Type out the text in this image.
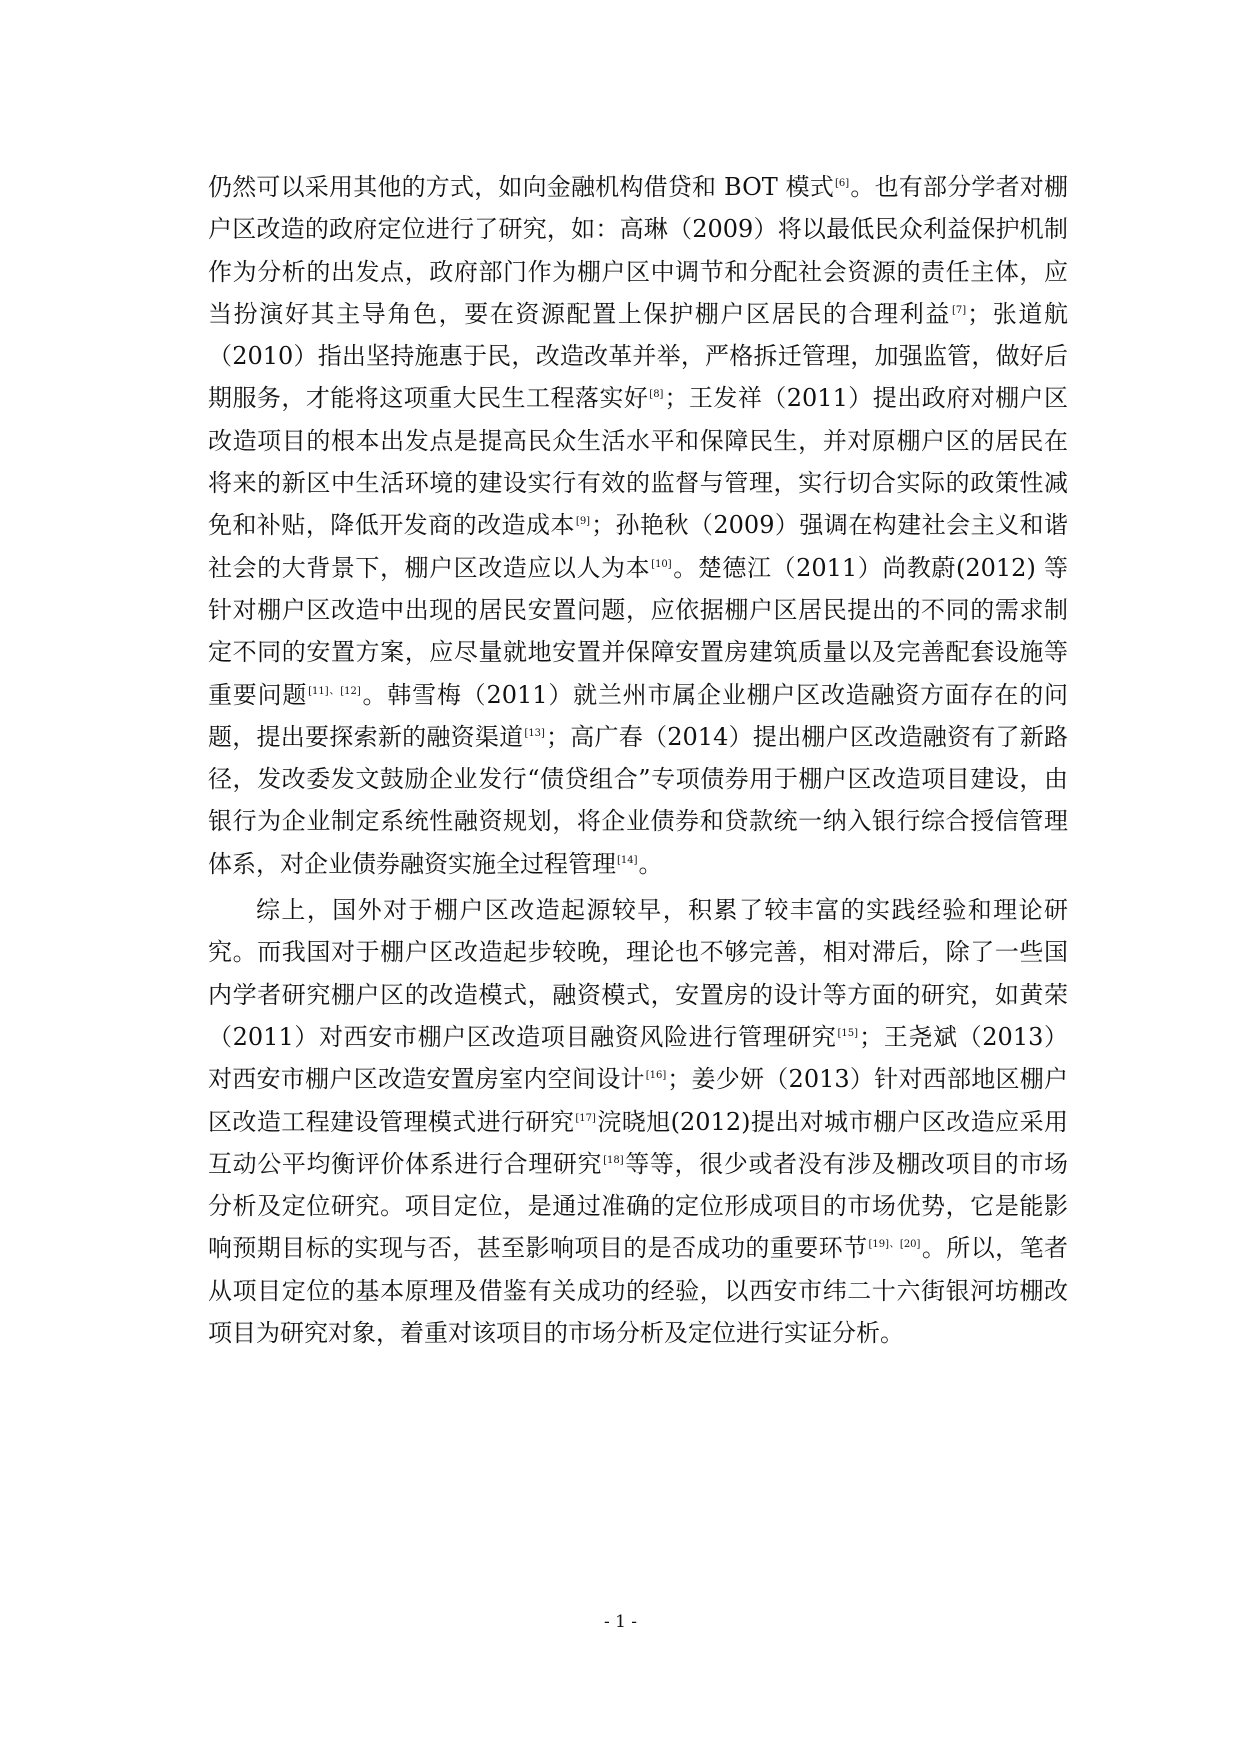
仍然可以采用其他的方式，如向金融机构借贷和 BOT 模式[6]。也有部分学者对棚户区改造的政府定位进行了研究，如：高琳（2009）将以最低民众利益保护机制作为分析的出发点，政府部门作为棚户区中调节和分配社会资源的责任主体，应当扮演好其主导角色，要在资源配置上保护棚户区居民的合理利益[7]；张道航（2010）指出坚持施惠于民，改造改革并举，严格拆迁管理，加强监管，做好后期服务，才能将这项重大民生工程落实好[8]；王发祥（2011）提出政府对棚户区改造项目的根本出发点是提高民众生活水平和保障民生，并对原棚户区的居民在将来的新区中生活环境的建设实行有效的监督与管理，实行切合实际的政策性减免和补贴，降低开发商的改造成本[9]；孙艳秋（2009）强调在构建社会主义和谐社会的大背景下，棚户区改造应以人为本[10]。楚德江（2011）尚教蔚(2012) 等针对棚户区改造中出现的居民安置问题，应依据棚户区居民提出的不同的需求制定不同的安置方案，应尽量就地安置并保障安置房建筑质量以及完善配套设施等重要问题[11]、[12]。韩雪梅（2011）就兰州市属企业棚户区改造融资方面存在的问题，提出要探索新的融资渠道[13]；高广春（2014）提出棚户区改造融资有了新路径，发改委发文鼓励企业发行“债贷组合”专项债券用于棚户区改造项目建设，由银行为企业制定系统性融资规划，将企业债券和贷款统一纳入银行综合授信管理体系，对企业债券融资实施全过程管理[14]。

综上，国外对于棚户区改造起源较早，积累了较丰富的实践经验和理论研究。而我国对于棚户区改造起步较晚，理论也不够完善，相对滞后，除了一些国内学者研究棚户区的改造模式，融资模式，安置房的设计等方面的研究，如黄荣（2011）对西安市棚户区改造项目融资风险进行管理研究[15]；王尧斌（2013）对西安市棚户区改造安置房室内空间设计[16]；姜少妍（2013）针对西部地区棚户区改造工程建设管理模式进行研究[17]浣晓旭(2012)提出对城市棚户区改造应采用互动公平均衡评价体系进行合理研究[18]等等，很少或者没有涉及棚改项目的市场分析及定位研究。项目定位，是通过准确的定位形成项目的市场优势，它是能影响预期目标的实现与否，甚至影响项目的是否成功的重要环节[19]、[20]。所以，笔者从项目定位的基本原理及借鉴有关成功的经验，以西安市纬二十六街银河坊棚改项目为研究对象，着重对该项目的市场分析及定位进行实证分析。

- 1 -
